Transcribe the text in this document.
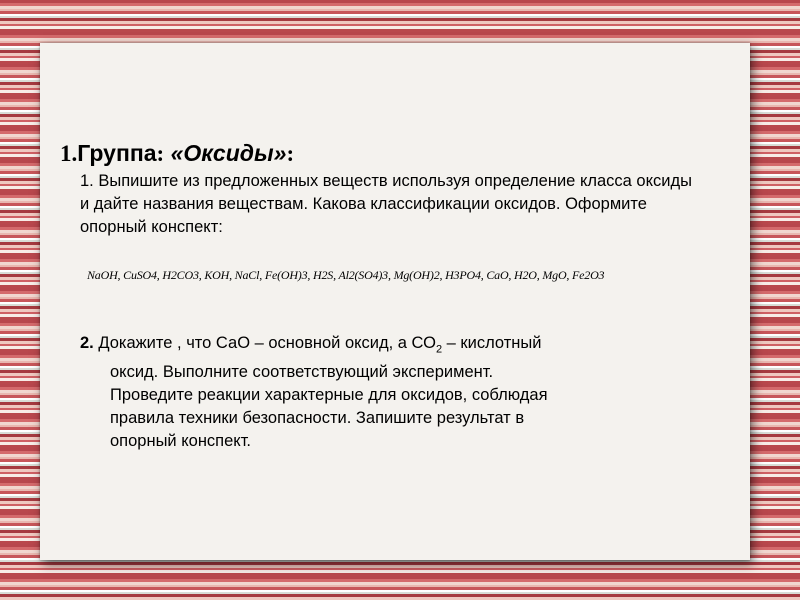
1.Группа: «Оксиды»:

1. Выпишите из предложенных веществ используя определение класса оксиды и дайте названия веществам. Какова классификации оксидов. Оформите опорный конспект:

NaOH, CuSO4, H2CO3, KOH, NaCl, Fe(OH)3, H2S, Al2(SO4)3, Mg(OH)2, H3PO4, CaO, H2O, MgO, Fe2O3

2. Докажите , что СаО – основной оксид, а $СО_2$ – кислотный
оксид. Выполните соответствующий эксперимент.
Проведите реакции характерные для оксидов, соблюдая
правила техники безопасности. Запишите результат в
опорный конспект.
